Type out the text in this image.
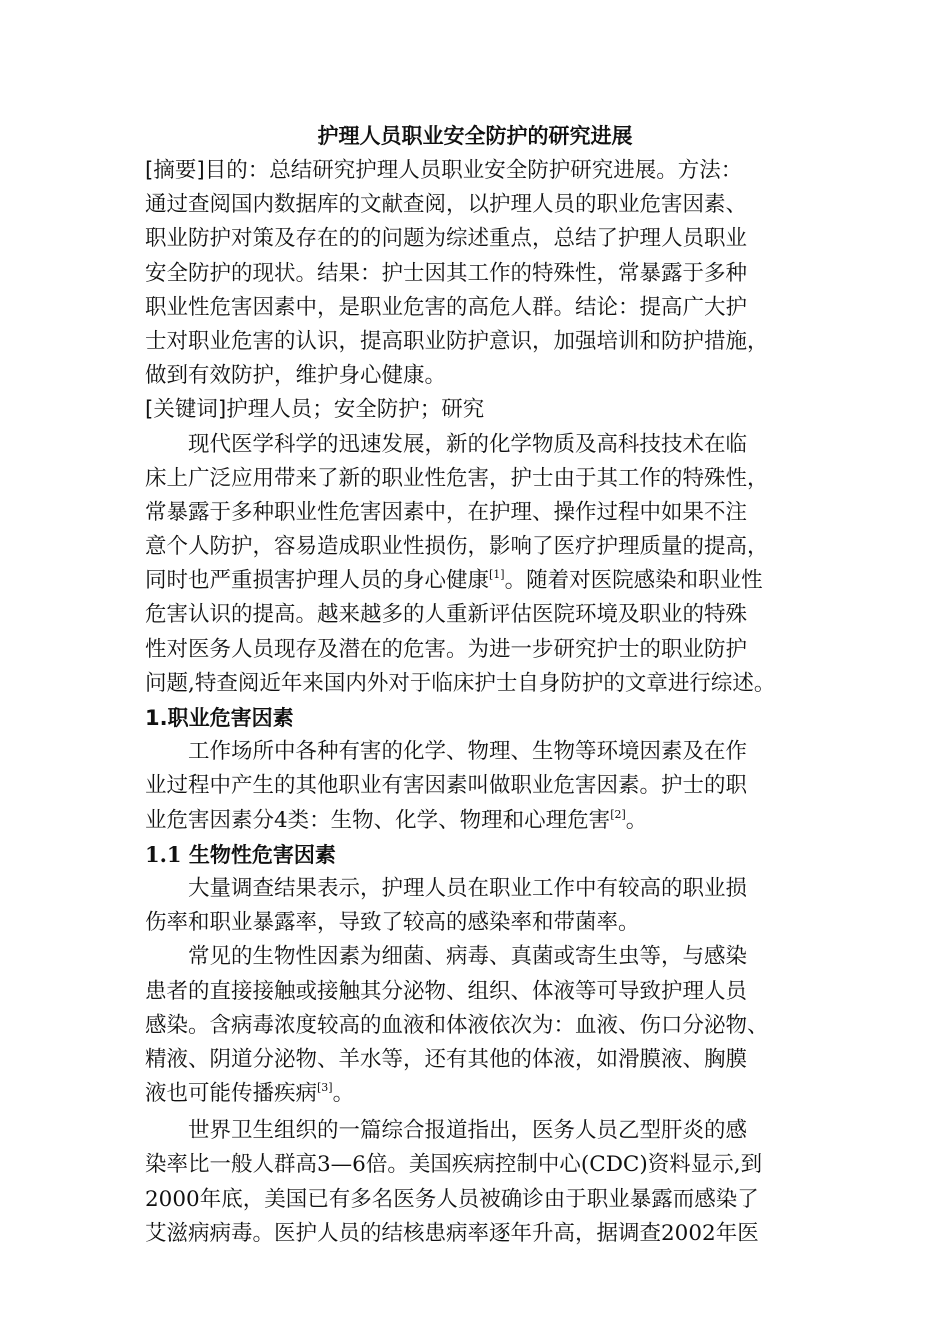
护理人员职业安全防护的研究进展
[摘要]目的：总结研究护理人员职业安全防护研究进展。方法：
通过查阅国内数据库的文献查阅，以护理人员的职业危害因素、
职业防护对策及存在的的问题为综述重点，总结了护理人员职业
安全防护的现状。结果：护士因其工作的特殊性，常暴露于多种
职业性危害因素中，是职业危害的高危人群。结论：提高广大护
士对职业危害的认识，提高职业防护意识，加强培训和防护措施，
做到有效防护，维护身心健康。
[关键词]护理人员；安全防护；研究
现代医学科学的迅速发展，新的化学物质及高科技技术在临
床上广泛应用带来了新的职业性危害，护士由于其工作的特殊性，
常暴露于多种职业性危害因素中，在护理、操作过程中如果不注
意个人防护，容易造成职业性损伤，影响了医疗护理质量的提高，
同时也严重损害护理人员的身心健康[1]。随着对医院感染和职业性
危害认识的提高。越来越多的人重新评估医院环境及职业的特殊
性对医务人员现存及潜在的危害。为进一步研究护士的职业防护
问题,特查阅近年来国内外对于临床护士自身防护的文章进行综述。
1.职业危害因素
工作场所中各种有害的化学、物理、生物等环境因素及在作
业过程中产生的其他职业有害因素叫做职业危害因素。护士的职
业危害因素分4类：生物、化学、物理和心理危害[2]。
1.1 生物性危害因素
大量调查结果表示，护理人员在职业工作中有较高的职业损
伤率和职业暴露率，导致了较高的感染率和带菌率。
常见的生物性因素为细菌、病毒、真菌或寄生虫等，与感染
患者的直接接触或接触其分泌物、组织、体液等可导致护理人员
感染。含病毒浓度较高的血液和体液依次为：血液、伤口分泌物、
精液、阴道分泌物、羊水等，还有其他的体液，如滑膜液、胸膜
液也可能传播疾病[3]。
世界卫生组织的一篇综合报道指出，医务人员乙型肝炎的感
染率比一般人群高3—6倍。美国疾病控制中心(CDC)资料显示,到
2000年底，美国已有多名医务人员被确诊由于职业暴露而感染了
艾滋病病毒。医护人员的结核患病率逐年升高，据调查2002年医
